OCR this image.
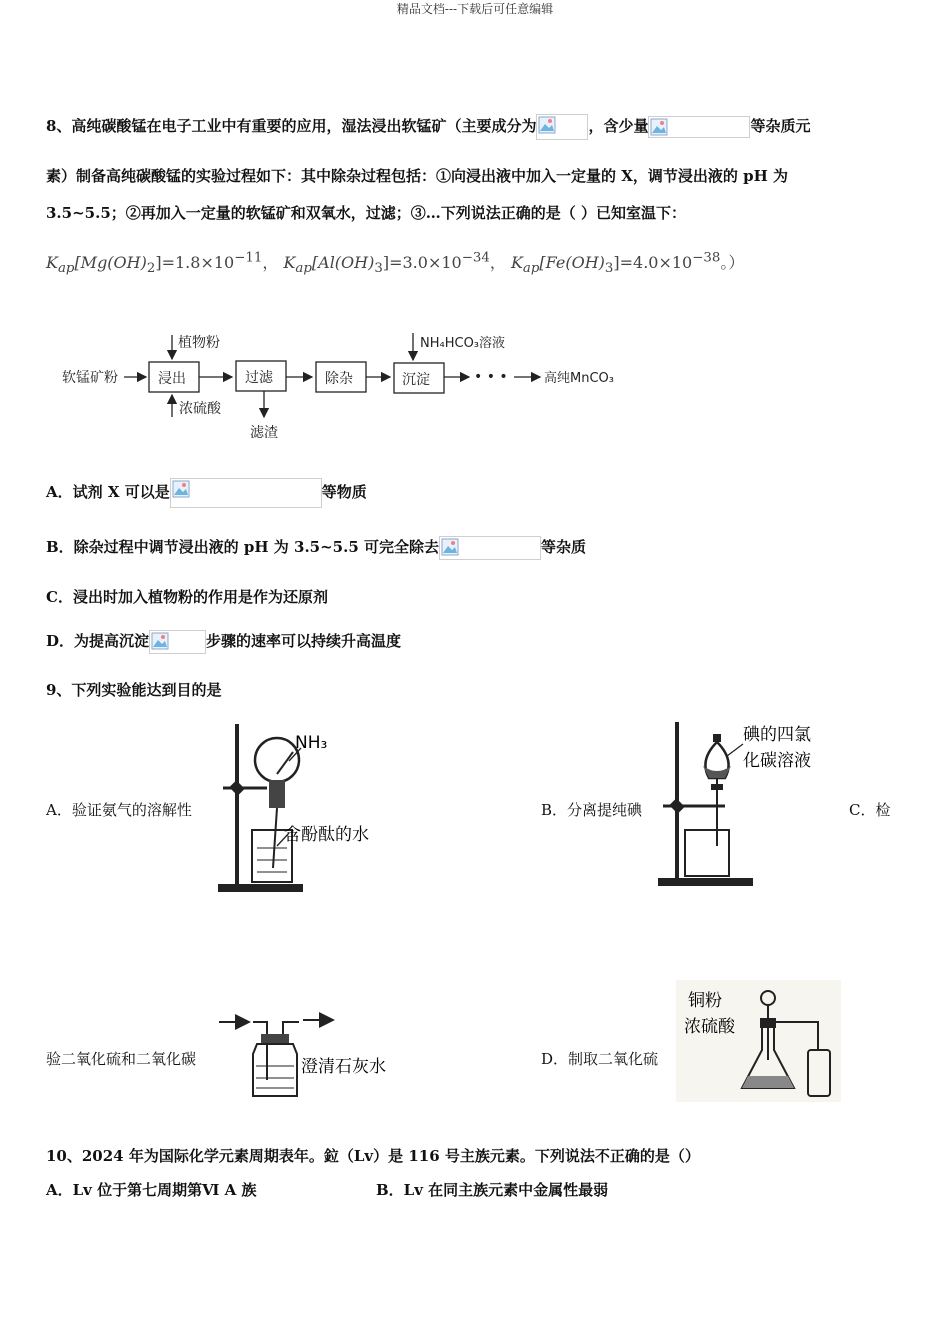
精品文档---下载后可任意编辑
8、高纯碳酸锰在电子工业中有重要的应用，湿法浸出软锰矿（主要成分为	，含少量	等杂质元
素）制备高纯碳酸锰的实验过程如下：其中除杂过程包括：①向浸出液中加入一定量的 X，调节浸出液的 pH 为
3.5~5.5；②再加入一定量的软锰矿和双氧水，过滤；③…下列说法正确的是（ ）已知室温下：
$K_{ap}[Mg(OH)_2]=1.8\times 10^{-11}$， $K_{ap}[Al(OH)_3]=3.0\times 10^{-34}$， $K_{ap}[Fe(OH)_3]=4.0\times 10^{-38}$。）
软锰矿粉	浸出
植物粉
浓硫酸
过滤
滤渣
除杂	沉淀
NH₄HCO₃溶液
• • •	高纯MnCO₃
A．试剂 X 可以是	等物质
B．除杂过程中调节浸出液的 pH 为 3.5~5.5 可完全除去	等杂质
C．浸出时加入植物粉的作用是作为还原剂
D．为提高沉淀	步骤的速率可以持续升高温度
9、下列实验能达到目的是
A．验证氨气的溶解性
NH₃
含酚酞的水
B．分离提纯碘
碘的四氯
化碳溶液
C．检
验二氧化硫和二氧化碳	澄清石灰水	D．制取二氧化硫
铜粉
浓硫酸
10、2024 年为国际化学元素周期表年。鉝（Lv）是 116 号主族元素。下列说法不正确的是（）
A．Lv 位于第七周期第Ⅵ A 族	B．Lv 在同主族元素中金属性最弱
